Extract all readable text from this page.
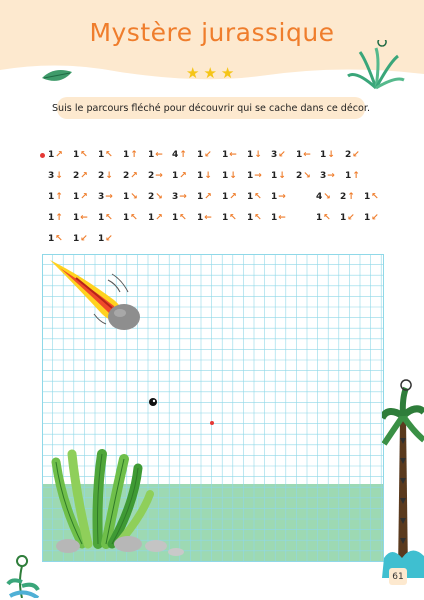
Mystère jurassique
★ ★ ★
Suis le parcours fléché pour découvrir qui se cache dans ce décor.
1↗ 1↖ 1↖ 1↑ 1← 4↑ 1↙ 1← 1↓ 3↙ 1← 1↓ 2↙
3↓ 2↗ 2↓ 2↗ 2→ 1↗ 1↓ 1↓ 1→ 1↓ 2↘ 3→ 1↑
1↑ 1↗ 3→ 1↘ 2↘ 3→ 1↗ 1↗ 1↖ 1→	4↘ 2↑ 1↖
1↑ 1← 1↖ 1↖ 1↗ 1↖ 1← 1↖ 1↖ 1←	1↖ 1↙ 1↙
1↖ 1↙ 1↙
61
